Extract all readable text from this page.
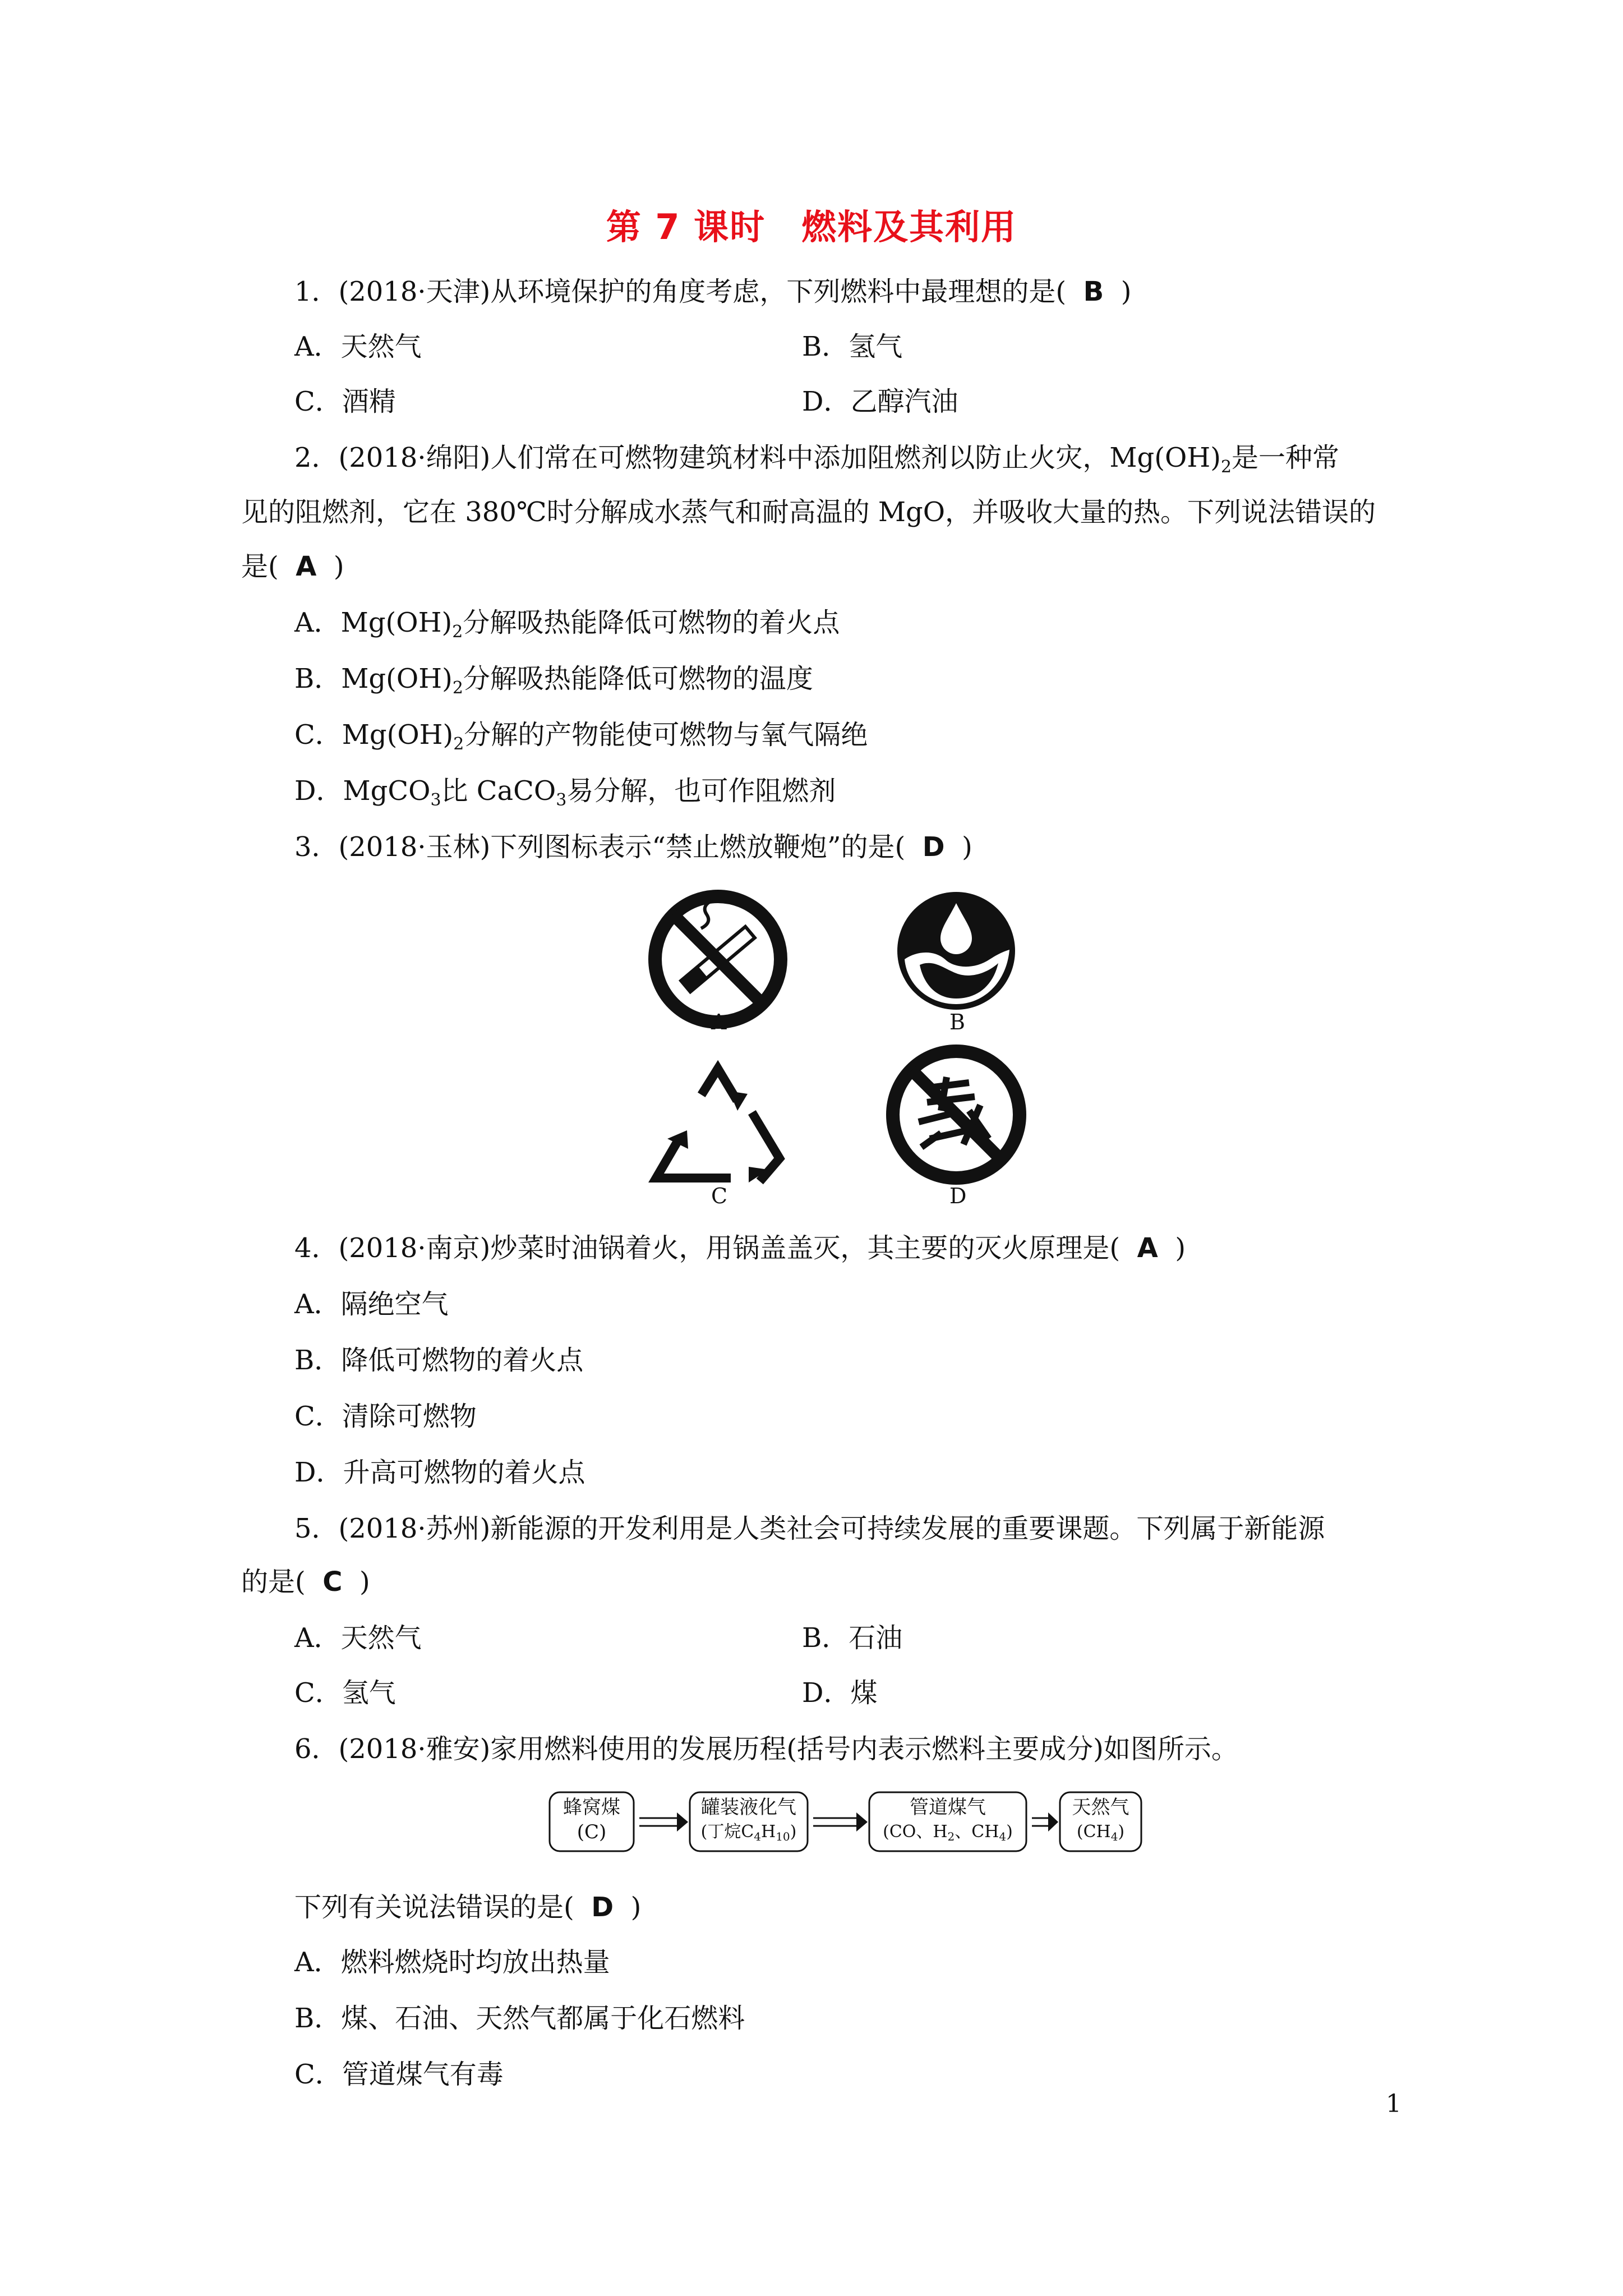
第 7 课时　燃料及其利用
1．(2018·天津)从环境保护的角度考虑，下列燃料中最理想的是( B )
A．天然气	B．氢气
C．酒精	D．乙醇汽油
2．(2018·绵阳)人们常在可燃物建筑材料中添加阻燃剂以防止火灾，$Mg(OH)_2$是一种常
见的阻燃剂，它在 380℃时分解成水蒸气和耐高温的 MgO，并吸收大量的热。下列说法错误的
是( A )
A．$Mg(OH)_2$分解吸热能降低可燃物的着火点
B．$Mg(OH)_2$分解吸热能降低可燃物的温度
C．$Mg(OH)_2$分解的产物能使可燃物与氧气隔绝
D．MgCO$_3$比 CaCO$_3$易分解，也可作阻燃剂
3．(2018·玉林)下列图标表示“禁止燃放鞭炮”的是( D )
A	B
C	D
4．(2018·南京)炒菜时油锅着火，用锅盖盖灭，其主要的灭火原理是( A )
A．隔绝空气
B．降低可燃物的着火点
C．清除可燃物
D．升高可燃物的着火点
5．(2018·苏州)新能源的开发利用是人类社会可持续发展的重要课题。下列属于新能源
的是( C )
A．天然气	B．石油
C．氢气	D．煤
6．(2018·雅安)家用燃料使用的发展历程(括号内表示燃料主要成分)如图所示。
蜂窝煤
(C)
罐装液化气
(丁烷$C_4H_{10}$)
管道煤气
(CO、$H_2$、$CH_4$)
天然气
$(CH_4)$
下列有关说法错误的是( D )
A．燃料燃烧时均放出热量
B．煤、石油、天然气都属于化石燃料
C．管道煤气有毒
1
